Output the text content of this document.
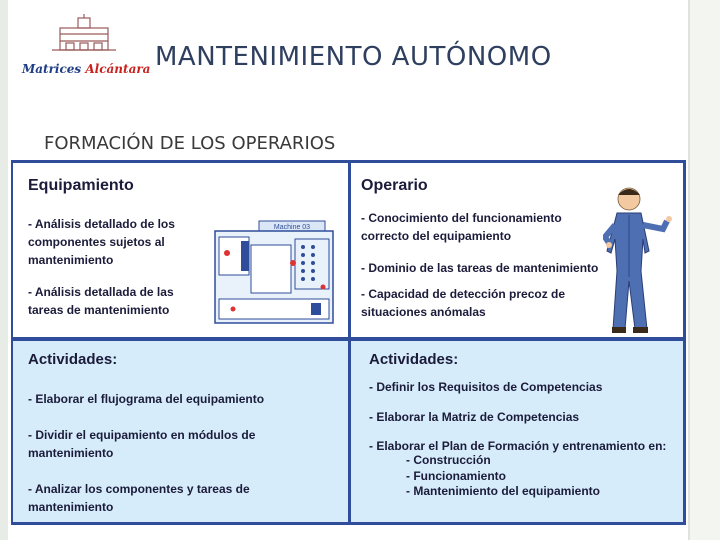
Matrices Alcántara MANTENIMIENTO AUTÓNOMO
FORMACIÓN DE LOS OPERARIOS
Equipamiento
- Análisis detallado de los componentes sujetos al mantenimiento
- Análisis detallada de las tareas de mantenimiento
Machine 03
Operario
- Conocimiento del funcionamiento correcto del equipamiento
- Dominio de las tareas de mantenimiento
- Capacidad de detección precoz de situaciones anómalas
Actividades:
- Elaborar el flujograma del equipamiento
- Dividir el equipamiento en módulos de mantenimiento
- Analizar los componentes y tareas de mantenimiento
Actividades:
- Definir los Requisitos de Competencias
- Elaborar la Matriz de Competencias
- Elaborar el Plan de Formación y entrenamiento en:
- Construcción
- Funcionamiento
- Mantenimiento del equipamiento
